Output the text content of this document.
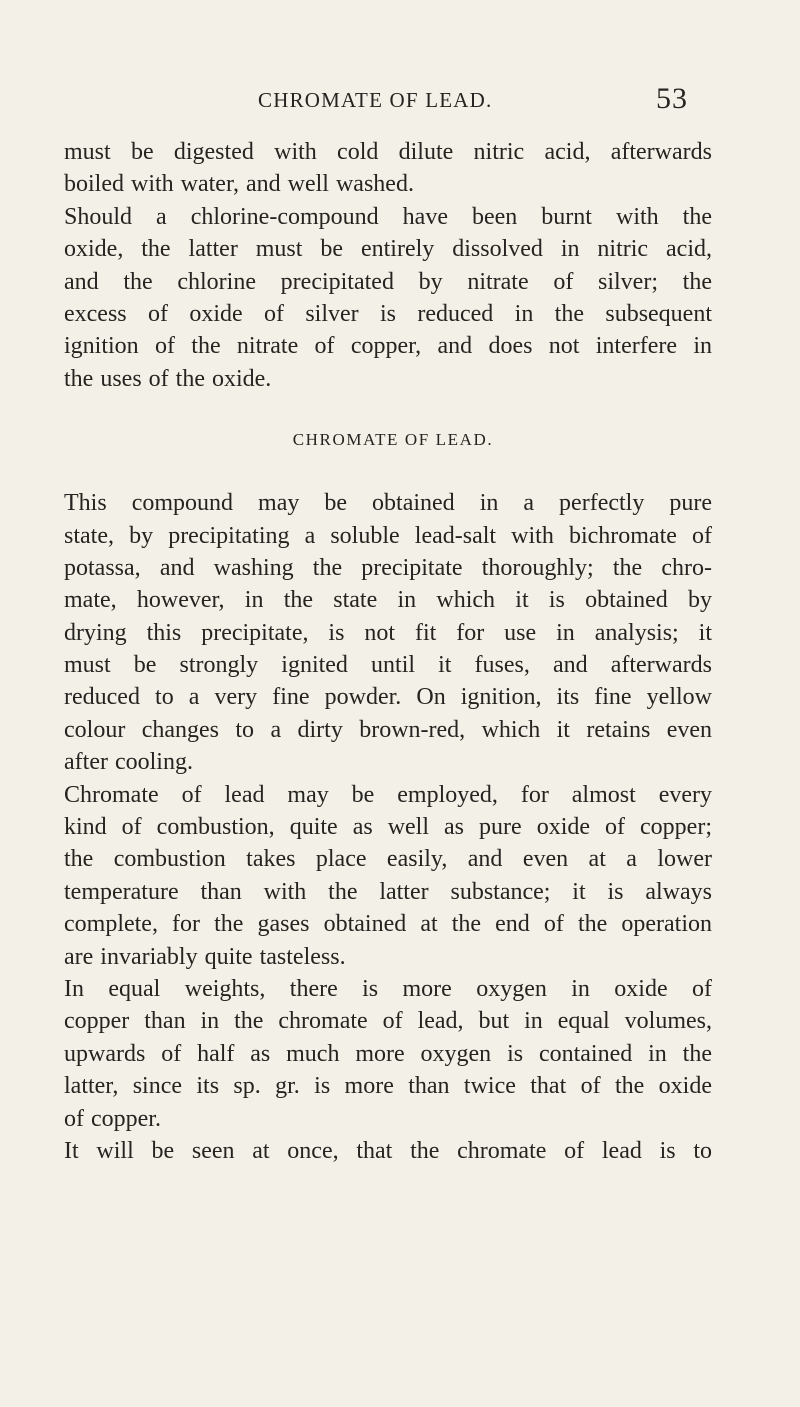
CHROMATE OF LEAD.	53
must be digested with cold dilute nitric acid, afterwards
boiled with water, and well washed.
Should a chlorine-compound have been burnt with the
oxide, the latter must be entirely dissolved in nitric acid,
and the chlorine precipitated by nitrate of silver; the
excess of oxide of silver is reduced in the subsequent
ignition of the nitrate of copper, and does not interfere in
the uses of the oxide.
CHROMATE OF LEAD.
This compound may be obtained in a perfectly pure
state, by precipitating a soluble lead-salt with bichromate of
potassa, and washing the precipitate thoroughly; the chro-
mate, however, in the state in which it is obtained by
drying this precipitate, is not fit for use in analysis; it
must be strongly ignited until it fuses, and afterwards
reduced to a very fine powder. On ignition, its fine yellow
colour changes to a dirty brown-red, which it retains even
after cooling.
Chromate of lead may be employed, for almost every
kind of combustion, quite as well as pure oxide of copper;
the combustion takes place easily, and even at a lower
temperature than with the latter substance; it is always
complete, for the gases obtained at the end of the operation
are invariably quite tasteless.
In equal weights, there is more oxygen in oxide of
copper than in the chromate of lead, but in equal volumes,
upwards of half as much more oxygen is contained in the
latter, since its sp. gr. is more than twice that of the oxide
of copper.
It will be seen at once, that the chromate of lead is to
